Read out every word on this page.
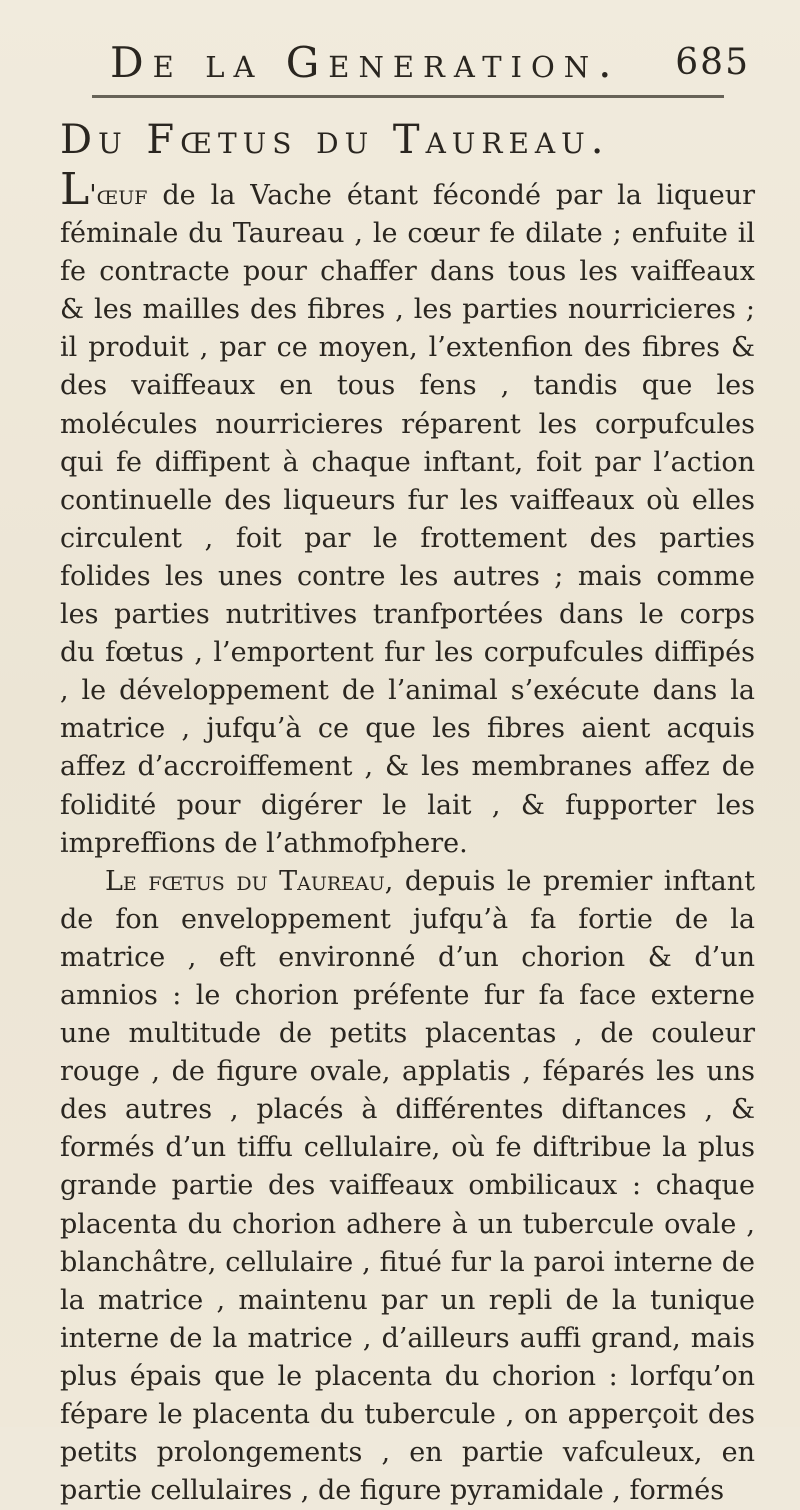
De la Generation. 685
Du Fœtus du Taureau.

L'œuf de la Vache étant fécondé par la liqueur féminale du Taureau , le cœur fe dilate ; enfuite il fe contracte pour chaffer dans tous les vaiffeaux & les mailles des fibres , les parties nourricieres ; il produit , par ce moyen, l’extenfion des fibres & des vaiffeaux en tous fens , tandis que les molécules nourricieres réparent les corpufcules qui fe diffipent à chaque inftant, foit par l’action continuelle des liqueurs fur les vaiffeaux où elles circulent , foit par le frottement des parties folides les unes contre les autres ; mais comme les parties nutritives tranfportées dans le corps du fœtus , l’emportent fur les corpufcules diffipés , le développement de l’animal s’exécute dans la matrice , jufqu’à ce que les fibres aient acquis affez d’accroiffement , & les membranes affez de folidité pour digérer le lait , & fupporter les impreffions de l’athmofphere.

Le fœtus du Taureau, depuis le premier inftant de fon enveloppement jufqu’à fa fortie de la matrice , eft environné d’un chorion & d’un amnios : le chorion préfente fur fa face externe une multitude de petits placentas , de couleur rouge , de figure ovale, applatis , féparés les uns des autres , placés à différentes diftances , & formés d’un tiffu cellulaire, où fe diftribue la plus grande partie des vaiffeaux ombilicaux : chaque placenta du chorion adhere à un tubercule ovale , blanchâtre, cellulaire , fitué fur la paroi interne de la matrice , maintenu par un repli de la tunique interne de la matrice , d’ailleurs auffi grand, mais plus épais que le placenta du chorion : lorfqu’on fépare le placenta du tubercule , on apperçoit des petits prolongements , en partie vafculeux, en partie cellulaires , de figure pyramidale , formés
